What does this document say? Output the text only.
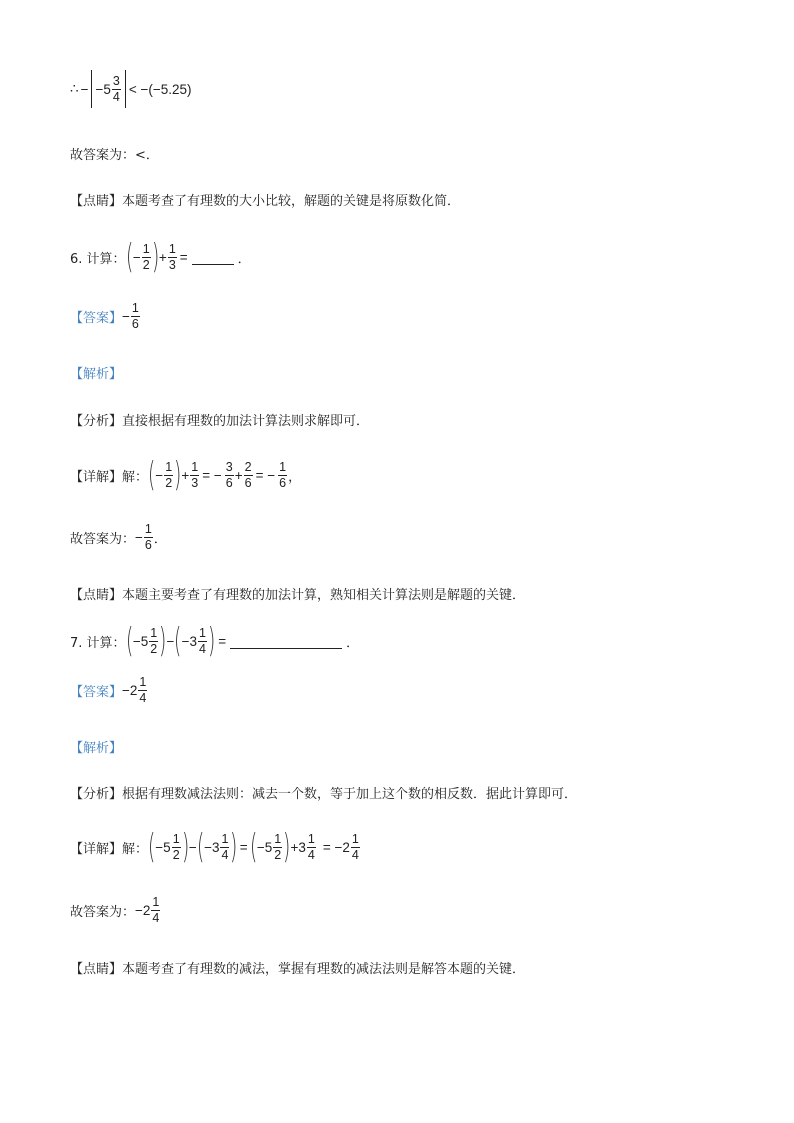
∴ − $-5 \frac{3}{4} < -(-5.25)$
故答案为：<．
【点睛】 本题考查了有理数的大小比较，解题的关键是将原数化简．
6. 计算： ( − $\frac{1}{2}$ ) + $\frac{1}{3}$ =	．
【答案】 − $\frac{1}{6}$
【解析】
【分析】 直接根据有理数的加法计算法则求解即可．
【详解】 解： ( − $\frac{1}{2}$ ) + $\frac{1}{3}$ = − $\frac{3}{6} + \frac{2}{6}$ = − $\frac{1}{6}$ ，
故答案为： − $\frac{1}{6}$ ．
【点睛】 本题主要考查了有理数的加法计算，熟知相关计算法则是解题的关键．
7. 计算： ( $-5 \frac{1}{2}$ ) − ( $-3 \frac{1}{4}$ ) =	．
【答案】 $-2 \frac{1}{4}$
【解析】
【分析】 根据有理数减法法则：减去一个数，等于加上这个数的相反数．据此计算即可．
【详解】 解： ( $-5 \frac{1}{2}$ ) − ( $-3 \frac{1}{4}$ ) = ( $-5 \frac{1}{2}$ ) $+3 \frac{1}{4} = -2 \frac{1}{4}$
故答案为： $-2 \frac{1}{4}$
【点睛】 本题考查了有理数的减法，掌握有理数的减法法则是解答本题的关键．
